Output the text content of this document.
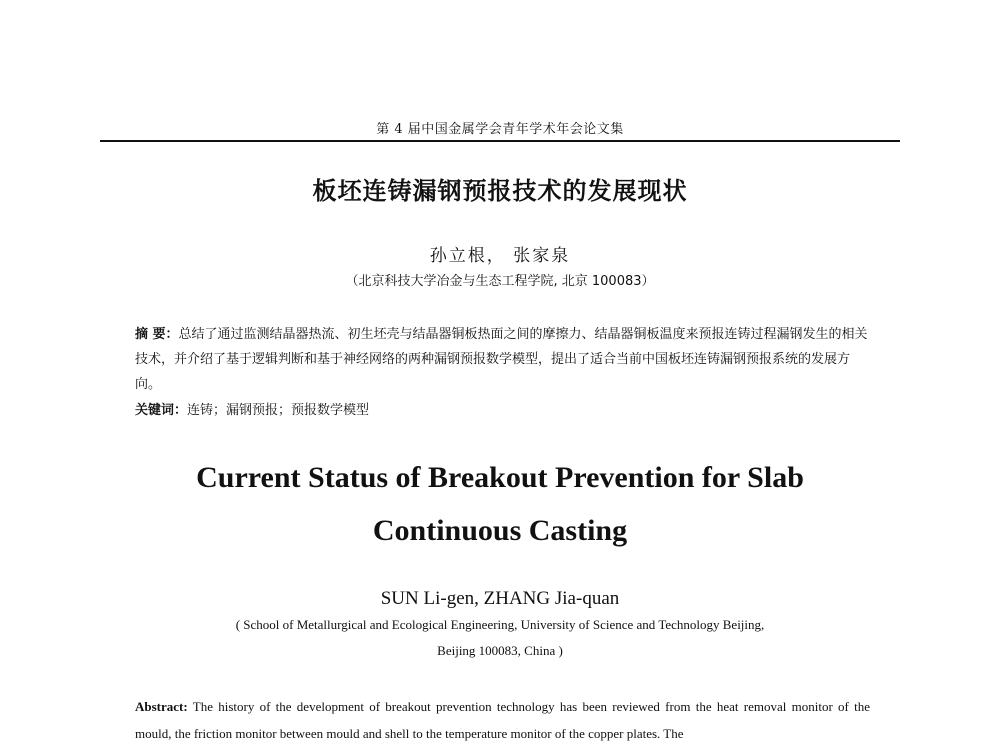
第 4 届中国金属学会青年学术年会论文集
板坯连铸漏钢预报技术的发展现状
孙立根， 张家泉
（北京科技大学冶金与生态工程学院, 北京 100083）
摘 要：总结了通过监测结晶器热流、初生坯壳与结晶器铜板热面之间的摩擦力、结晶器铜板温度来预报连铸过程漏钢发生的相关技术，并介绍了基于逻辑判断和基于神经网络的两种漏钢预报数学模型，提出了适合当前中国板坯连铸漏钢预报系统的发展方向。
关键词：连铸；漏钢预报；预报数学模型
Current Status of Breakout Prevention for Slab
Continuous Casting
SUN Li-gen, ZHANG Jia-quan
( School of Metallurgical and Ecological Engineering, University of Science and Technology Beijing,
Beijing 100083, China )
Abstract: The history of the development of breakout prevention technology has been reviewed from the heat removal monitor of the mould, the friction monitor between mould and shell to the temperature monitor of the copper plates. The
